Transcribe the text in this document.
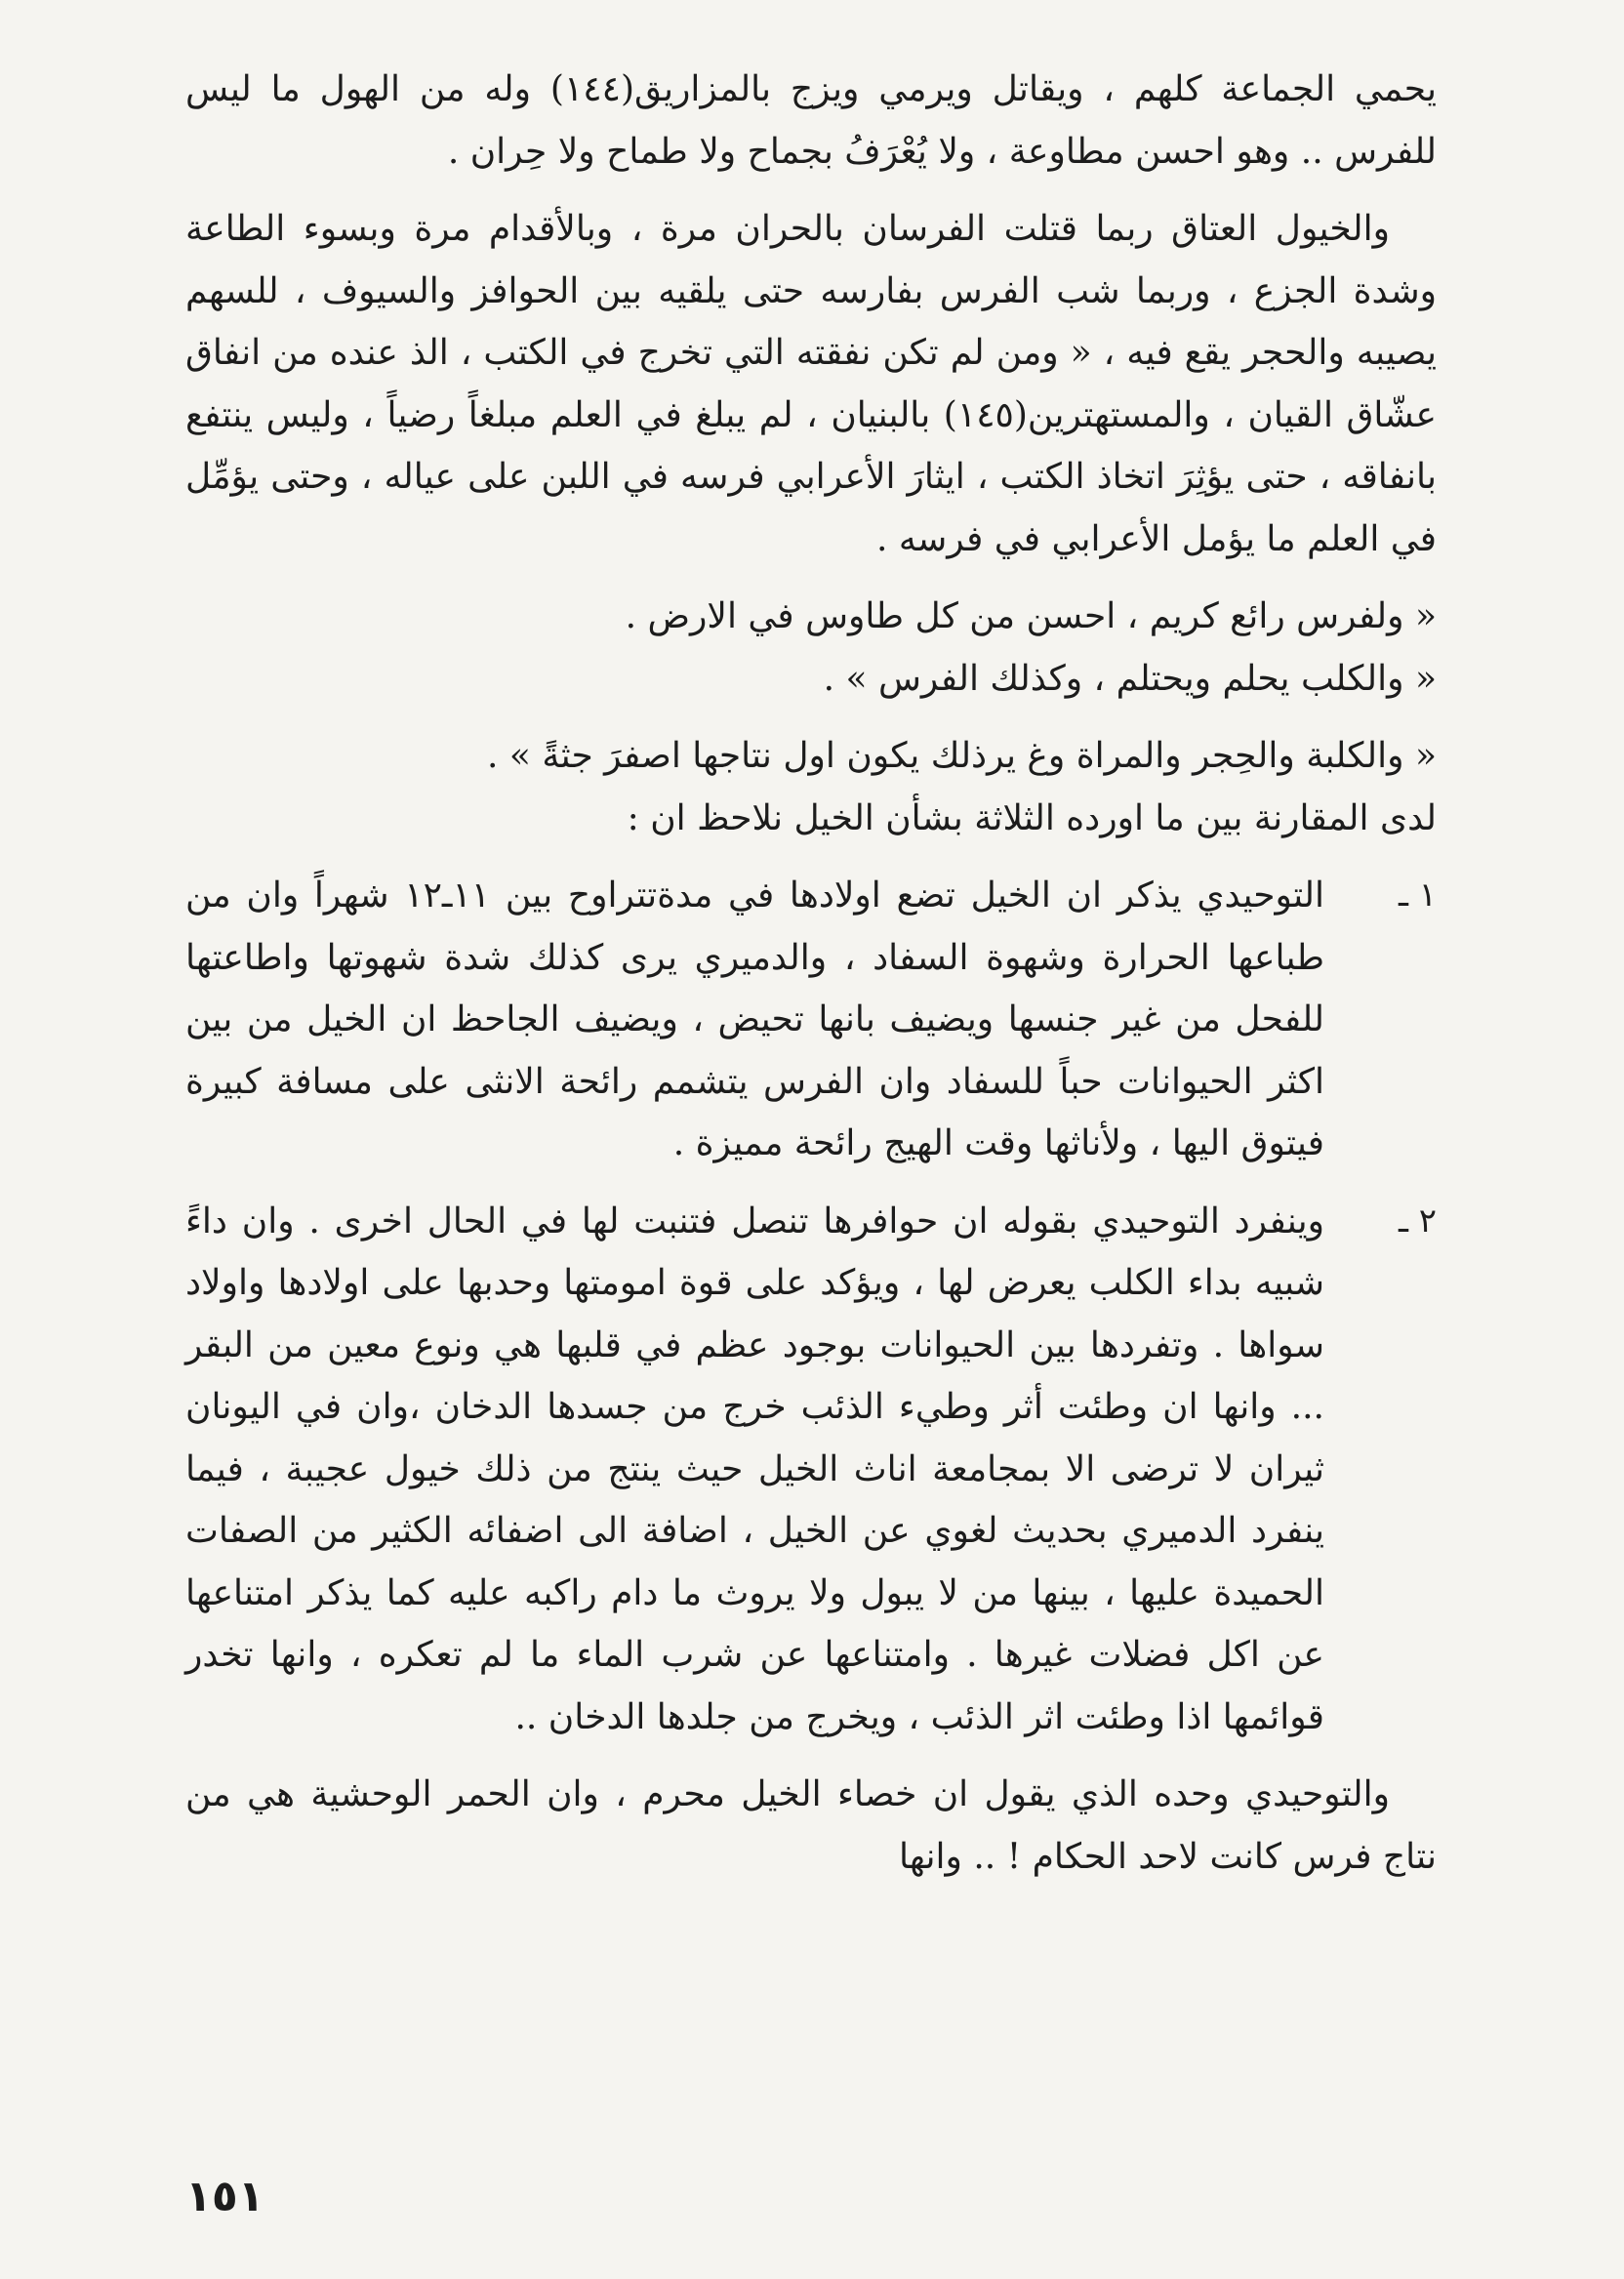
يحمي الجماعة كلهم ، ويقاتل ويرمي ويزج بالمزاريق(١٤٤) وله من الهول ما ليس للفرس .. وهو احسن مطاوعة ، ولا يُعْرَفُ بجماح ولا طماح ولا حِران .

والخيول العتاق ربما قتلت الفرسان بالحران مرة ، وبالأقدام مرة وبسوء الطاعة وشدة الجزع ، وربما شب الفرس بفارسه حتى يلقيه بين الحوافز والسيوف ، للسهم يصيبه والحجر يقع فيه ، « ومن لم تكن نفقته التي تخرج في الكتب ، الذ عنده من انفاق عشّاق القيان ، والمستهترين(١٤٥) بالبنيان ، لم يبلغ في العلم مبلغاً رضياً ، وليس ينتفع بانفاقه ، حتى يؤثِرَ اتخاذ الكتب ، ايثارَ الأعرابي فرسه في اللبن على عياله ، وحتى يؤمِّل في العلم ما يؤمل الأعرابي في فرسه .

« ولفرس رائع كريم ، احسن من كل طاوس في الارض .

« والكلب يحلم ويحتلم ، وكذلك الفرس » .

« والكلبة والحِجر والمراة وغ يرذلك يكون اول نتاجها اصفرَ جثةً » .

لدى المقارنة بين ما اورده الثلاثة بشأن الخيل نلاحظ ان :

١ ـ

التوحيدي يذكر ان الخيل تضع اولادها في مدةتتراوح بين ١١ـ١٢ شهراً وان من طباعها الحرارة وشهوة السفاد ، والدميري يرى كذلك شدة شهوتها واطاعتها للفحل من غير جنسها ويضيف بانها تحيض ، ويضيف الجاحظ ان الخيل من بين اكثر الحيوانات حباً للسفاد وان الفرس يتشمم رائحة الانثى على مسافة كبيرة فيتوق اليها ، ولأناثها وقت الهيج رائحة مميزة .

٢ ـ

وينفرد التوحيدي بقوله ان حوافرها تنصل فتنبت لها في الحال اخرى . وان داءً شبيه بداء الكلب يعرض لها ، ويؤكد على قوة امومتها وحدبها على اولادها واولاد سواها . وتفردها بين الحيوانات بوجود عظم في قلبها هي ونوع معين من البقر ... وانها ان وطئت أثر وطيء الذئب خرج من جسدها الدخان ،وان في اليونان ثيران لا ترضى الا بمجامعة اناث الخيل حيث ينتج من ذلك خيول عجيبة ، فيما ينفرد الدميري بحديث لغوي عن الخيل ، اضافة الى اضفائه الكثير من الصفات الحميدة عليها ، بينها من لا يبول ولا يروث ما دام راكبه عليه كما يذكر امتناعها عن اكل فضلات غيرها . وامتناعها عن شرب الماء ما لم تعكره ، وانها تخدر قوائمها اذا وطئت اثر الذئب ، ويخرج من جلدها الدخان ..

والتوحيدي وحده الذي يقول ان خصاء الخيل محرم ، وان الحمر الوحشية هي من نتاج فرس كانت لاحد الحكام ! .. وانها

١٥١
